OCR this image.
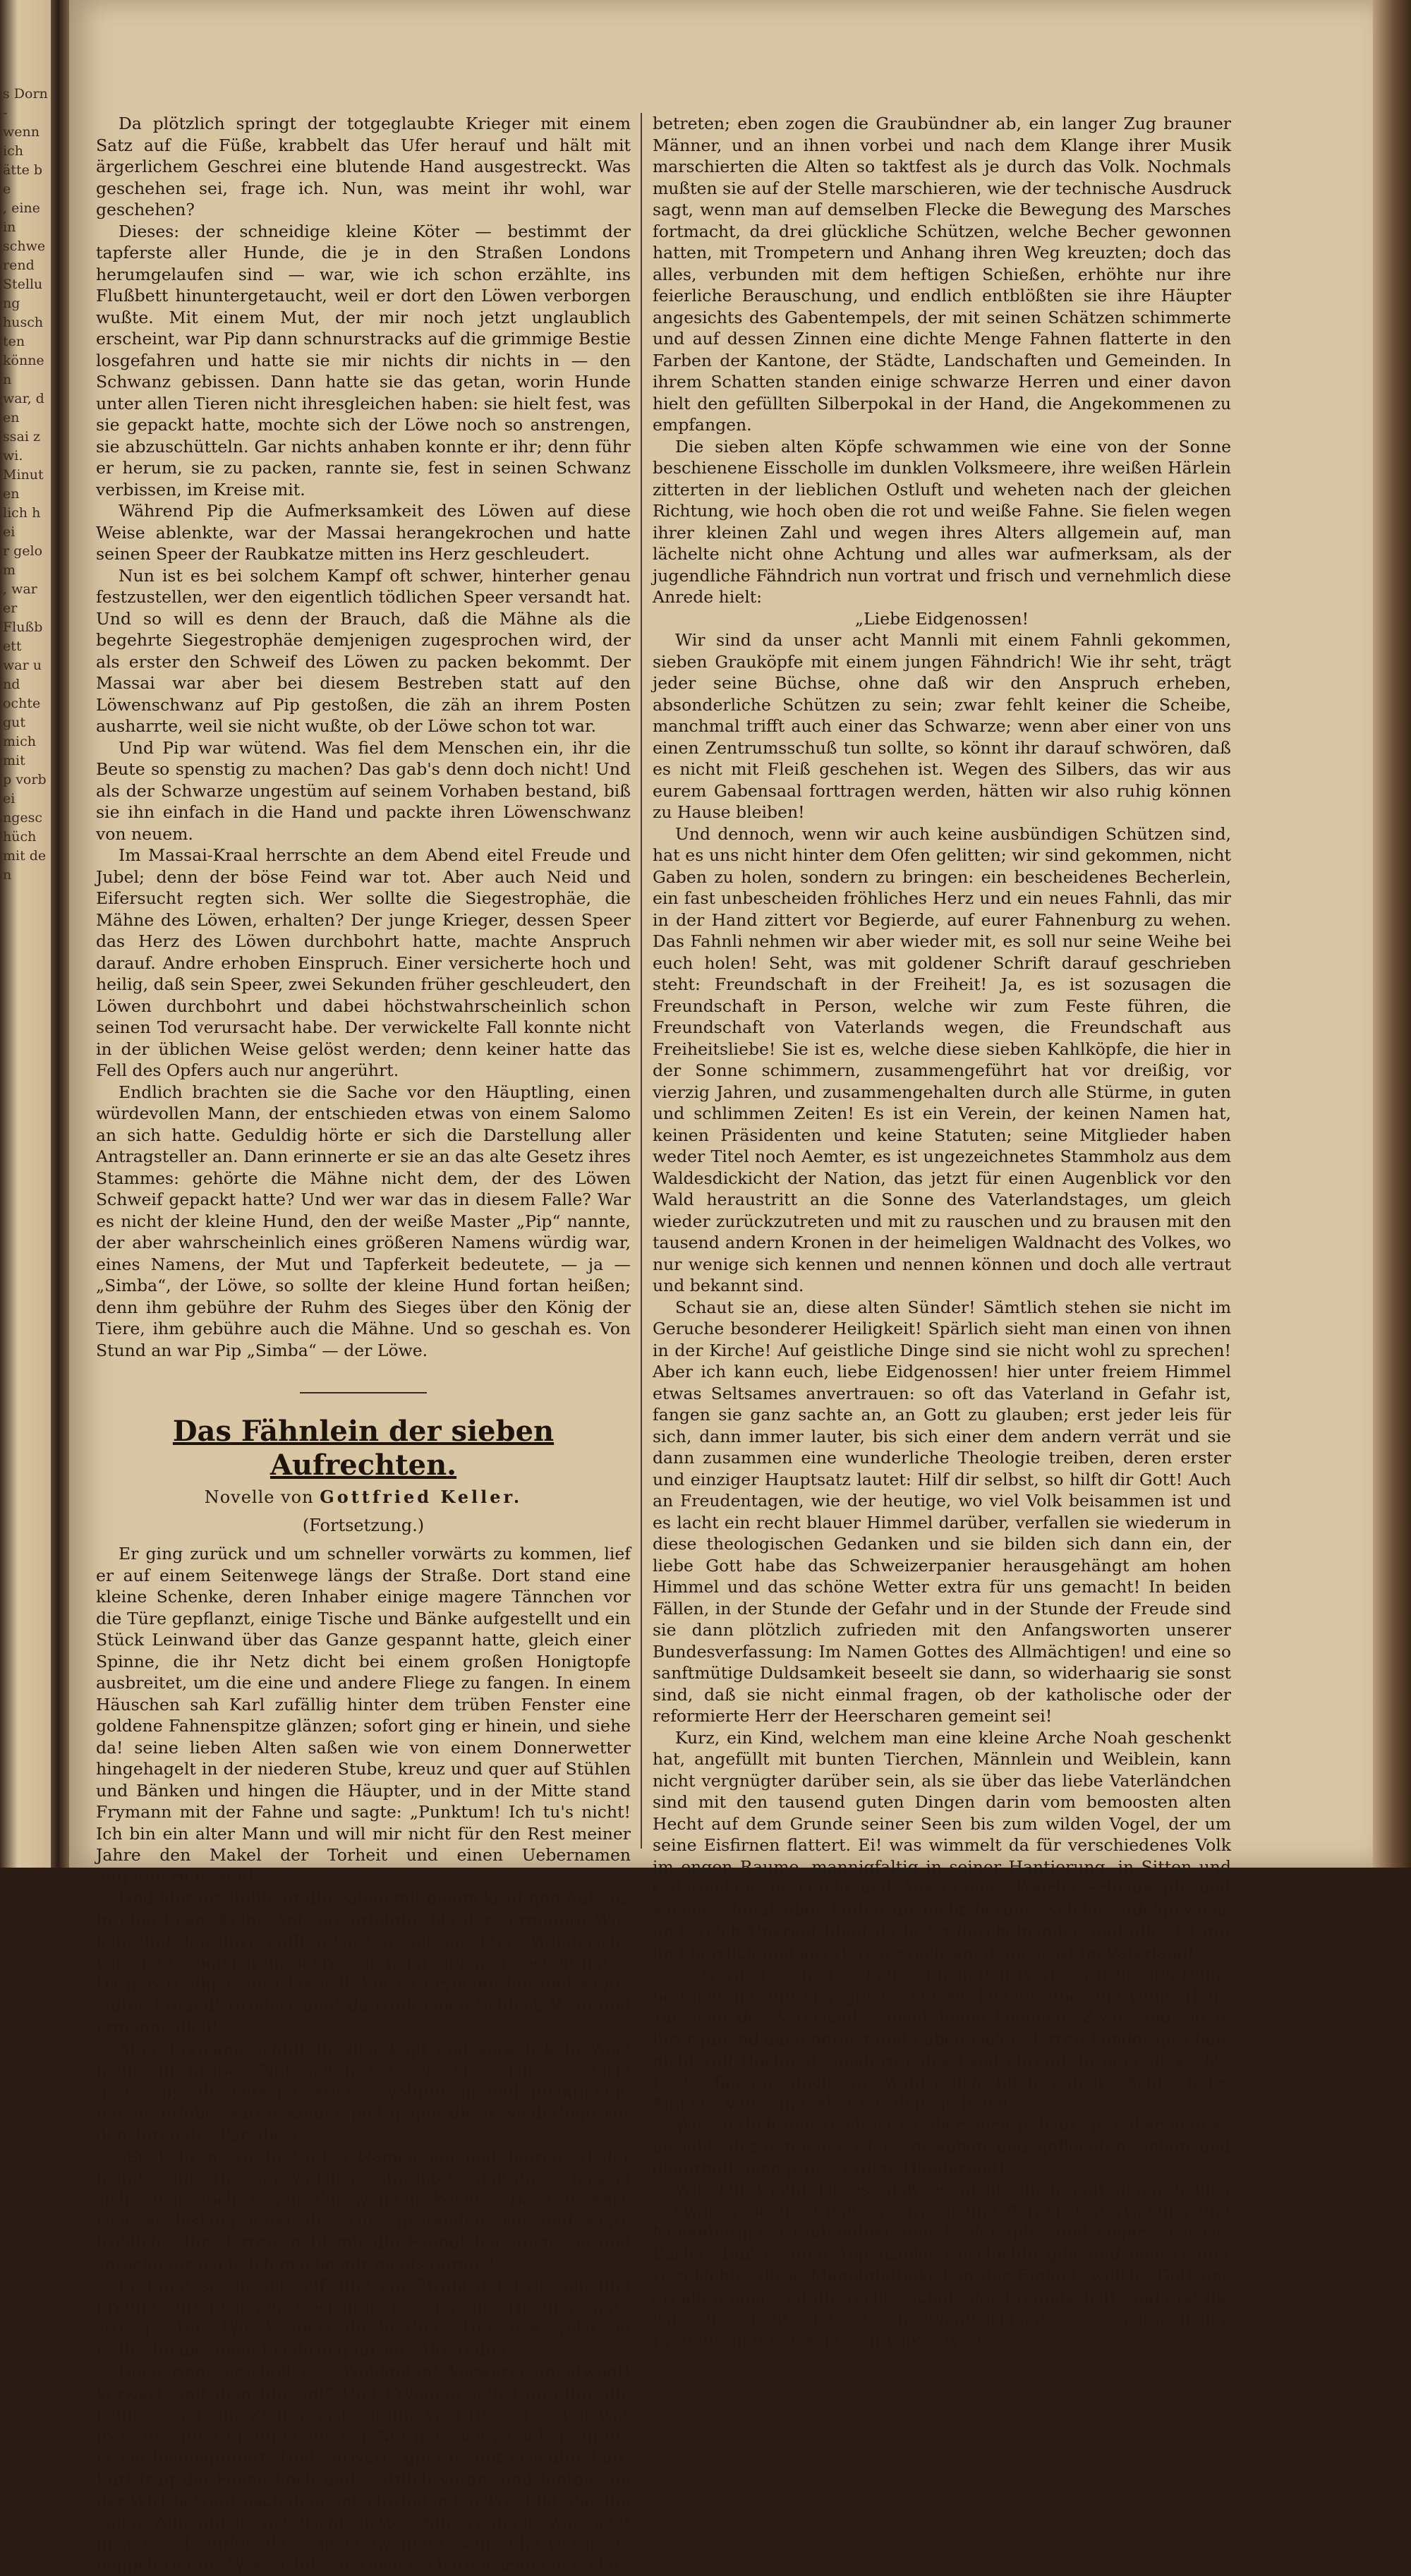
s Dorn-
wenn ich
ätte be
, eine in
schwerend
Stellung
huschten
können
war, den
ssai zwi.
Minuten
lich hei
r gelom
, war er
Flußbett
war und
ochte gut
mich mit
p vorbei
ngeschüch
mit den

Da plötzlich springt der totgeglaubte Krieger mit einem Satz auf die Füße, krabbelt das Ufer herauf und hält mit ärgerlichem Geschrei eine blutende Hand ausgestreckt. Was geschehen sei, frage ich. Nun, was meint ihr wohl, war geschehen?

Dieses: der schneidige kleine Köter — bestimmt der tapferste aller Hunde, die je in den Straßen Londons herumgelaufen sind — war, wie ich schon erzählte, ins Flußbett hinuntergetaucht, weil er dort den Löwen verborgen wußte. Mit einem Mut, der mir noch jetzt unglaublich erscheint, war Pip dann schnurstracks auf die grimmige Bestie losgefahren und hatte sie mir nichts dir nichts in — den Schwanz gebissen. Dann hatte sie das getan, worin Hunde unter allen Tieren nicht ihresgleichen haben: sie hielt fest, was sie gepackt hatte, mochte sich der Löwe noch so anstrengen, sie abzuschütteln. Gar nichts anhaben konnte er ihr; denn führ er herum, sie zu packen, rannte sie, fest in seinen Schwanz verbissen, im Kreise mit.

Während Pip die Aufmerksamkeit des Löwen auf diese Weise ablenkte, war der Massai herangekrochen und hatte seinen Speer der Raubkatze mitten ins Herz geschleudert.

Nun ist es bei solchem Kampf oft schwer, hinterher genau festzustellen, wer den eigentlich tödlichen Speer versandt hat. Und so will es denn der Brauch, daß die Mähne als die begehrte Siegestrophäe demjenigen zugesprochen wird, der als erster den Schweif des Löwen zu packen bekommt. Der Massai war aber bei diesem Bestreben statt auf den Löwenschwanz auf Pip gestoßen, die zäh an ihrem Posten ausharrte, weil sie nicht wußte, ob der Löwe schon tot war.

Und Pip war wütend. Was fiel dem Menschen ein, ihr die Beute so spenstig zu machen? Das gab's denn doch nicht! Und als der Schwarze ungestüm auf seinem Vorhaben bestand, biß sie ihn einfach in die Hand und packte ihren Löwenschwanz von neuem.

Im Massai-Kraal herrschte an dem Abend eitel Freude und Jubel; denn der böse Feind war tot. Aber auch Neid und Eifersucht regten sich. Wer sollte die Siegestrophäe, die Mähne des Löwen, erhalten? Der junge Krieger, dessen Speer das Herz des Löwen durchbohrt hatte, machte Anspruch darauf. Andre erhoben Einspruch. Einer versicherte hoch und heilig, daß sein Speer, zwei Sekunden früher geschleudert, den Löwen durchbohrt und dabei höchstwahrscheinlich schon seinen Tod verursacht habe. Der verwickelte Fall konnte nicht in der üblichen Weise gelöst werden; denn keiner hatte das Fell des Opfers auch nur angerührt.

Endlich brachten sie die Sache vor den Häuptling, einen würdevollen Mann, der entschieden etwas von einem Salomo an sich hatte. Geduldig hörte er sich die Darstellung aller Antragsteller an. Dann erinnerte er sie an das alte Gesetz ihres Stammes: gehörte die Mähne nicht dem, der des Löwen Schweif gepackt hatte? Und wer war das in diesem Falle? War es nicht der kleine Hund, den der weiße Master „Pip“ nannte, der aber wahrscheinlich eines größeren Namens würdig war, eines Namens, der Mut und Tapferkeit bedeutete, — ja — „Simba“, der Löwe, so sollte der kleine Hund fortan heißen; denn ihm gebühre der Ruhm des Sieges über den König der Tiere, ihm gebühre auch die Mähne. Und so geschah es. Von Stund an war Pip „Simba“ — der Löwe.

Das Fähnlein der sieben Aufrechten.
Novelle von Gottfried Keller.
(Fortsetzung.)

Er ging zurück und um schneller vorwärts zu kommen, lief er auf einem Seitenwege längs der Straße. Dort stand eine kleine Schenke, deren Inhaber einige magere Tännchen vor die Türe gepflanzt, einige Tische und Bänke aufgestellt und ein Stück Leinwand über das Ganze gespannt hatte, gleich einer Spinne, die ihr Netz dicht bei einem großen Honigtopfe ausbreitet, um die eine und andere Fliege zu fangen. In einem Häuschen sah Karl zufällig hinter dem trüben Fenster eine goldene Fahnenspitze glänzen; sofort ging er hinein, und siehe da! seine lieben Alten saßen wie von einem Donnerwetter hingehagelt in der niederen Stube, kreuz und quer auf Stühlen und Bänken und hingen die Häupter, und in der Mitte stand Frymann mit der Fahne und sagte: „Punktum! Ich tu's nicht! Ich bin ein alter Mann und will mir nicht für den Rest meiner Jahre den Makel der Torheit und einen Uebernamen aufpfeffern lassen!“

Und hiermit stellte er die Fahne mit einem kräftigen Aufstoß in eine Ecke. Keine Antwort erfolgte, bis der vergnügte Wirt kam und den unverhofften Gästen eine mächtige Weinflasche vorsetzte, obgleich im Schrecken noch niemand bestellt hatte. Da goß Hediger ein Glas voll, bot es Frymann hin und sagte: „Alter Freund! Brudermann! da trink einen Schluck Wein und ermanne dich!“

Aber Frymann schüttelte den Kopf und sprach kein Wort mehr. In großer Not saßen sie, wie sie noch nie darin gesessen; alle Putsche, Konterrevolutionen und Reaktionen, die sie erlebt, waren Kinderspiel gegen diese Niederlage vor den Toren des Paradieses.

„So kehren wir in Gottes Namen um und fahren wieder heim!“ sagte Hediger, welcher befürchtete, daß das Schicksal sich doch noch gegen ihn wenden könnte. Da trat Karl, welcher bislang unter der Türe gestanden, vor und sagte fröhlich: „Ihr Herren, gebt mir die Fahne! Ich steige sie und spreche für euch, ich mache mir nichts daraus!“

Erstaunt sahen alle auf, und ein Strahl der Erlösung und Freude glitt über alle Gesichter; nur der alte Hediger sagte streng: „Du? Wie kommst du hierher? Und wie willst du Gelbschnabel ohne Erfahrung für uns Alte reden?“

Doch rings erscholl es: „Wohlgetan! Vorwärts unentwegt! Vorwärts mit dem Jungen!“ Und Frymann selbst gab ihm die Fahne; denn eine Zentnerlast fiel ihm vom Herzen und er war froh, die alten Freunde aus der Not gerissen zu sehen, in die er sie hineingeführt. Und vorwärts ging es mit erneuter Luft; Karl trug die Fahne hoch und stattlich voran, und hinten sah der Wirt betrübt nach dem entschwindenden Trugbild, das ihn einen Augenblick getäuscht hatte. Nur Hediger war jetzt finster und mutlos, da er nicht zweifelte, sein Sohn werde sie doppelt tief ins Wasser führen. Doch sie hatten schon den Platz

betreten; eben zogen die Graubündner ab, ein langer Zug brauner Männer, und an ihnen vorbei und nach dem Klange ihrer Musik marschierten die Alten so taktfest als je durch das Volk. Nochmals mußten sie auf der Stelle marschieren, wie der technische Ausdruck sagt, wenn man auf demselben Flecke die Bewegung des Marsches fortmacht, da drei glückliche Schützen, welche Becher gewonnen hatten, mit Trompetern und Anhang ihren Weg kreuzten; doch das alles, verbunden mit dem heftigen Schießen, erhöhte nur ihre feierliche Berauschung, und endlich entblößten sie ihre Häupter angesichts des Gabentempels, der mit seinen Schätzen schimmerte und auf dessen Zinnen eine dichte Menge Fahnen flatterte in den Farben der Kantone, der Städte, Landschaften und Gemeinden. In ihrem Schatten standen einige schwarze Herren und einer davon hielt den gefüllten Silberpokal in der Hand, die Angekommenen zu empfangen.

Die sieben alten Köpfe schwammen wie eine von der Sonne beschienene Eisscholle im dunklen Volksmeere, ihre weißen Härlein zitterten in der lieblichen Ostluft und weheten nach der gleichen Richtung, wie hoch oben die rot und weiße Fahne. Sie fielen wegen ihrer kleinen Zahl und wegen ihres Alters allgemein auf, man lächelte nicht ohne Achtung und alles war aufmerksam, als der jugendliche Fähndrich nun vortrat und frisch und vernehmlich diese Anrede hielt:

„Liebe Eidgenossen!

Wir sind da unser acht Mannli mit einem Fahnli gekommen, sieben Grauköpfe mit einem jungen Fähndrich! Wie ihr seht, trägt jeder seine Büchse, ohne daß wir den Anspruch erheben, absonderliche Schützen zu sein; zwar fehlt keiner die Scheibe, manchmal trifft auch einer das Schwarze; wenn aber einer von uns einen Zentrumsschuß tun sollte, so könnt ihr darauf schwören, daß es nicht mit Fleiß geschehen ist. Wegen des Silbers, das wir aus eurem Gabensaal forttragen werden, hätten wir also ruhig können zu Hause bleiben!

Und dennoch, wenn wir auch keine ausbündigen Schützen sind, hat es uns nicht hinter dem Ofen gelitten; wir sind gekommen, nicht Gaben zu holen, sondern zu bringen: ein bescheidenes Becherlein, ein fast unbescheiden fröhliches Herz und ein neues Fahnli, das mir in der Hand zittert vor Begierde, auf eurer Fahnenburg zu wehen. Das Fahnli nehmen wir aber wieder mit, es soll nur seine Weihe bei euch holen! Seht, was mit goldener Schrift darauf geschrieben steht: Freundschaft in der Freiheit! Ja, es ist sozusagen die Freundschaft in Person, welche wir zum Feste führen, die Freundschaft von Vaterlands wegen, die Freundschaft aus Freiheitsliebe! Sie ist es, welche diese sieben Kahlköpfe, die hier in der Sonne schimmern, zusammengeführt hat vor dreißig, vor vierzig Jahren, und zusammengehalten durch alle Stürme, in guten und schlimmen Zeiten! Es ist ein Verein, der keinen Namen hat, keinen Präsidenten und keine Statuten; seine Mitglieder haben weder Titel noch Aemter, es ist ungezeichnetes Stammholz aus dem Waldesdickicht der Nation, das jetzt für einen Augenblick vor den Wald heraustritt an die Sonne des Vaterlandstages, um gleich wieder zurückzutreten und mit zu rauschen und zu brausen mit den tausend andern Kronen in der heimeligen Waldnacht des Volkes, wo nur wenige sich kennen und nennen können und doch alle vertraut und bekannt sind.

Schaut sie an, diese alten Sünder! Sämtlich stehen sie nicht im Geruche besonderer Heiligkeit! Spärlich sieht man einen von ihnen in der Kirche! Auf geistliche Dinge sind sie nicht wohl zu sprechen! Aber ich kann euch, liebe Eidgenossen! hier unter freiem Himmel etwas Seltsames anvertrauen: so oft das Vaterland in Gefahr ist, fangen sie ganz sachte an, an Gott zu glauben; erst jeder leis für sich, dann immer lauter, bis sich einer dem andern verrät und sie dann zusammen eine wunderliche Theologie treiben, deren erster und einziger Hauptsatz lautet: Hilf dir selbst, so hilft dir Gott! Auch an Freudentagen, wie der heutige, wo viel Volk beisammen ist und es lacht ein recht blauer Himmel darüber, verfallen sie wiederum in diese theologischen Gedanken und sie bilden sich dann ein, der liebe Gott habe das Schweizerpanier herausgehängt am hohen Himmel und das schöne Wetter extra für uns gemacht! In beiden Fällen, in der Stunde der Gefahr und in der Stunde der Freude sind sie dann plötzlich zufrieden mit den Anfangsworten unserer Bundesverfassung: Im Namen Gottes des Allmächtigen! und eine so sanftmütige Duldsamkeit beseelt sie dann, so widerhaarig sie sonst sind, daß sie nicht einmal fragen, ob der katholische oder der reformierte Herr der Heerscharen gemeint sei!

Kurz, ein Kind, welchem man eine kleine Arche Noah geschenkt hat, angefüllt mit bunten Tierchen, Männlein und Weiblein, kann nicht vergnügter darüber sein, als sie über das liebe Vaterländchen sind mit den tausend guten Dingen darin vom bemoosten alten Hecht auf dem Grunde seiner Seen bis zum wilden Vogel, der um seine Eisfirnen flattert. Ei! was wimmelt da für verschiedenes Volk im engen Raume, mannigfaltig in seiner Hantierung, in Sitten und Gebräuchen, in Tracht und Aussprache! Welche Schlauköpfe und welche Mondkälber laufen da nicht herum, welches Edelgewächs und welch Unkraut blüht da lustig durcheinander, und alles ist gut und herrlich und ans Herz gewachsen; denn es ist im Vaterland!

So werden sie nun zu Philosophen, den Wert der irdischen Dinge betrachtend und erwägend; aber sie können über die wunderbare Tatsache des Vaterlandes nicht hinauskommen. Zwar sind sie in ihrer Jugend auch gereist und haben vieler Herren Länder gesehen, nicht voll Hochmut, sondern jedes Land ehrend, in dem sie rechte Leute fanden; doch ihr Wahlspruch blieb immer: Achte jedes Mannes Vaterland, aber das deinige liebe!

Wie zierlich und reich ist es aber auch gebaut! Je näher man es ansieht, desto reicher ist es gewoben und geflochten, schön und dauerhaft, eine preiswürdige Handarbeit!

Wie kurzweilig ist es, daß es nicht einen eintönigen Schlag Schweizer, sondern daß es Zürcher und Berner, Unterwaldner und Neuenburger, Graubündner und Basler gibt, und sogar zweierlei Basler! Daß es eine Appenzeller Geschichte gibt und eine Genfer Geschichte; diese Mannigfaltigkeit in der Einheit, welche Gott uns erhalten möge, ist die rechte Schule der Freundschaft, und erst da, wo die politische Zusammengehörigkeit zur persönlichen Freundschaft eines ganzen Volkes wird,
